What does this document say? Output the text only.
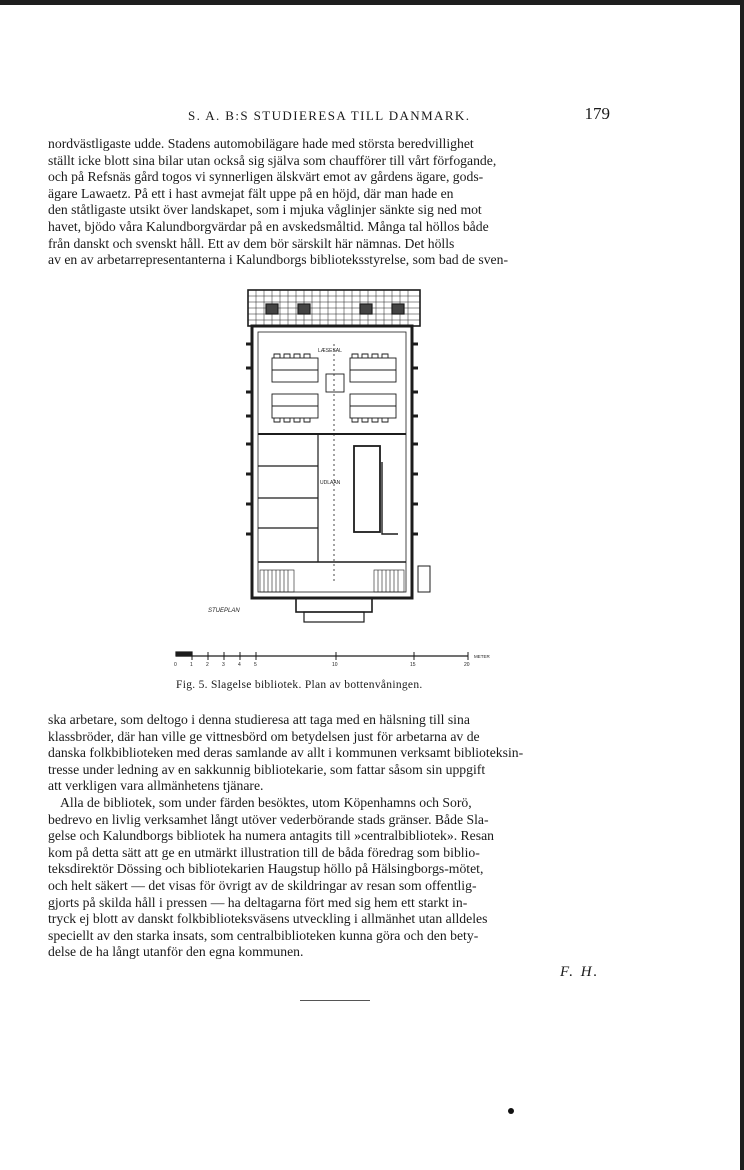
S. A. B:S STUDIERESA TILL DANMARK.	179

nordvästligaste udde. Stadens automobilägare hade med största beredvillighet
ställt icke blott sina bilar utan också sig själva som chaufförer till vårt förfogande,
och på Refsnäs gård togos vi synnerligen älskvärt emot av gårdens ägare, gods-
ägare Lawaetz. På ett i hast avmejat fält uppe på en höjd, där man hade en
den ståtligaste utsikt över landskapet, som i mjuka våglinjer sänkte sig ned mot
havet, bjödo våra Kalundborgvärdar på en avskedsmåltid. Många tal höllos både
från danskt och svenskt håll. Ett av dem bör särskilt här nämnas. Det hölls
av en av arbetarrepresentanterna i Kalundborgs biblioteksstyrelse, som bad de sven-

LÆSESAL
UDLAAN
STUEPLAN
0	1	2	3	4	5	10	15	20
METER
Fig. 5. Slagelse bibliotek. Plan av bottenvåningen.

ska arbetare, som deltogo i denna studieresa att taga med en hälsning till sina
klassbröder, där han ville ge vittnesbörd om betydelsen just för arbetarna av de
danska folkbiblioteken med deras samlande av allt i kommunen verksamt biblioteksin-
tresse under ledning av en sakkunnig bibliotekarie, som fattar såsom sin uppgift
att verkligen vara allmänhetens tjänare.
Alla de bibliotek, som under färden besöktes, utom Köpenhamns och Sorö,
bedrevo en livlig verksamhet långt utöver vederbörande stads gränser. Både Sla-
gelse och Kalundborgs bibliotek ha numera antagits till »centralbibliotek». Resan
kom på detta sätt att ge en utmärkt illustration till de båda föredrag som biblio-
teksdirektör Dössing och bibliotekarien Haugstup höllo på Hälsingborgs-mötet,
och helt säkert — det visas för övrigt av de skildringar av resan som offentlig-
gjorts på skilda håll i pressen — ha deltagarna fört med sig hem ett starkt in-
tryck ej blott av danskt folkbiblioteksväsens utveckling i allmänhet utan alldeles
speciellt av den starka insats, som centralbiblioteken kunna göra och den bety-
delse de ha långt utanför den egna kommunen.

F. H.
